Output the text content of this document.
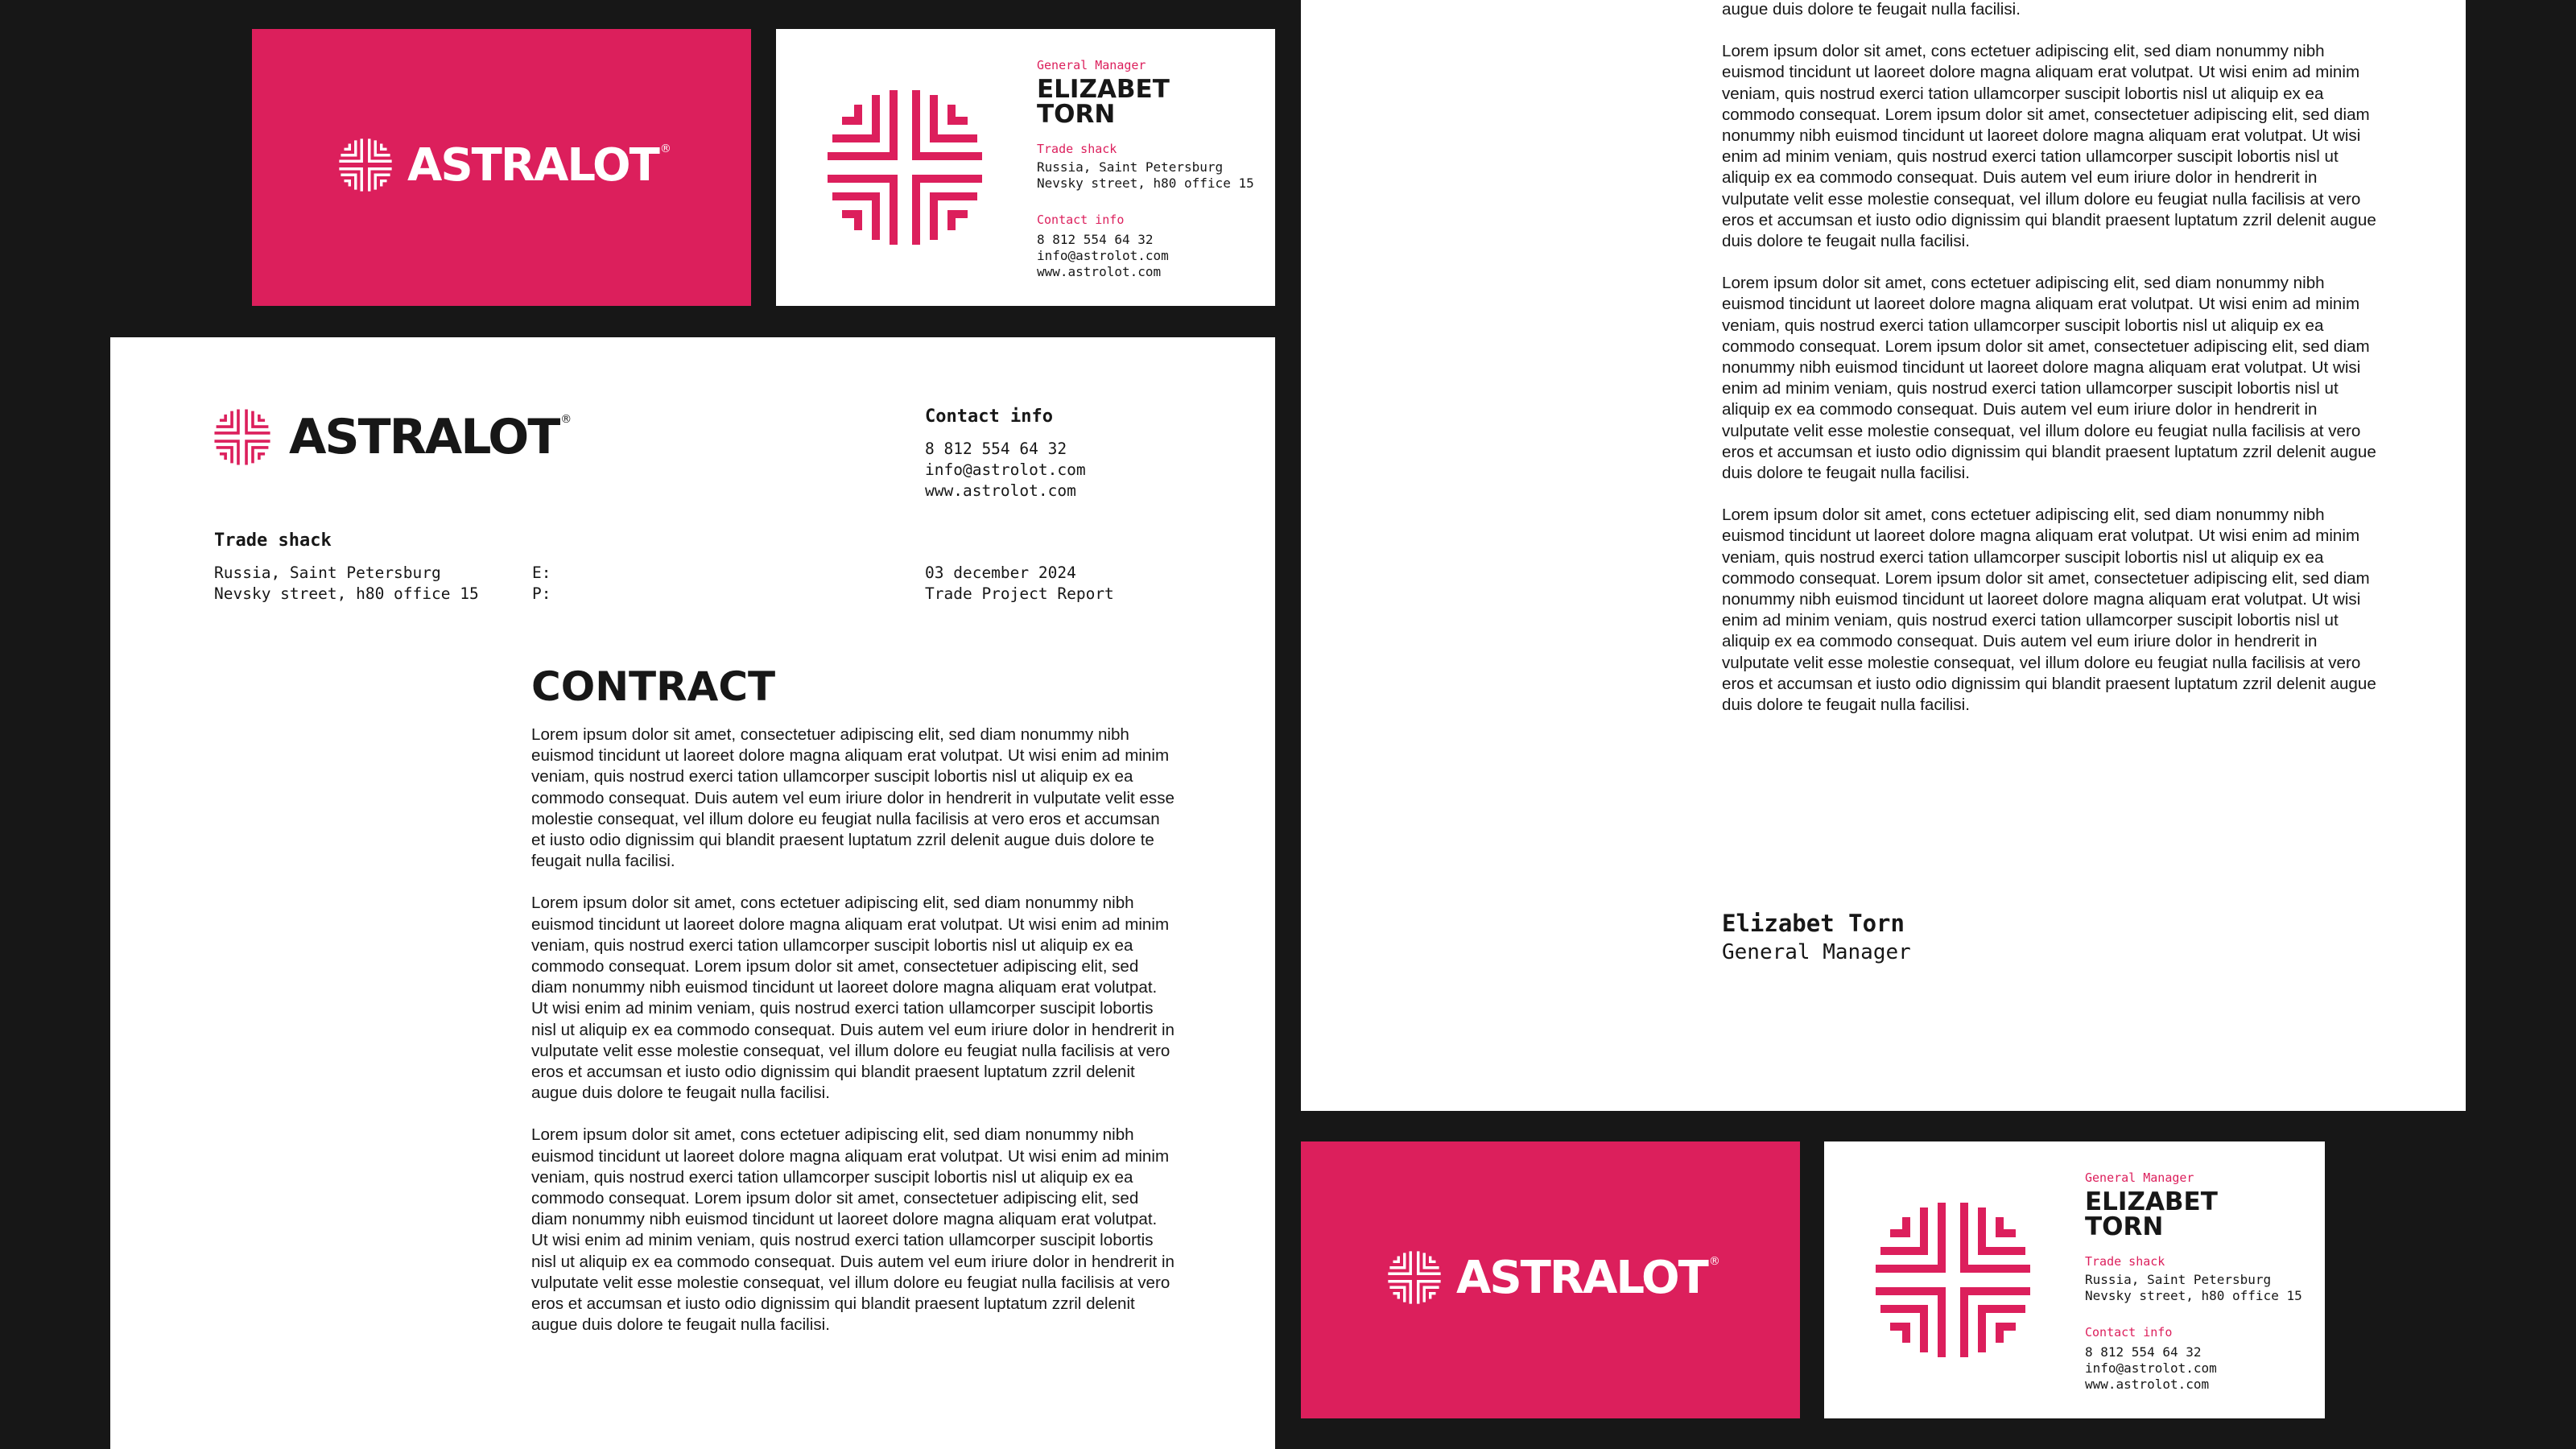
ASTRALOT ®
General Manager
ELIZABET
TORN
Trade shack
Russia, Saint Petersburg
Nevsky street, h80 office 15
Contact info
8 812 554 64 32
info@astrolot.com
www.astrolot.com
ASTRALOT ®	Contact info
8 812 554 64 32
info@astrolot.com
www.astrolot.com
Trade shack
Russia, Saint Petersburg
Nevsky street, h80 office 15
E:
P:
03 december 2024
Trade Project Report
CONTRACT

Lorem ipsum dolor sit amet, consectetuer adipiscing elit, sed diam nonummy nibh euismod tincidunt ut laoreet dolore magna aliquam erat volutpat. Ut wisi enim ad minim veniam, quis nostrud exerci tation ullamcorper suscipit lobortis nisl ut aliquip ex ea commodo consequat. Duis autem vel eum iriure dolor in hendrerit in vulputate velit esse molestie consequat, vel illum dolore eu feugiat nulla facilisis at vero eros et accumsan et iusto odio dignissim qui blandit praesent luptatum zzril delenit augue duis dolore te feugait nulla facilisi.

Lorem ipsum dolor sit amet, cons ectetuer adipiscing elit, sed diam nonummy nibh euismod tincidunt ut laoreet dolore magna aliquam erat volutpat. Ut wisi enim ad minim veniam, quis nostrud exerci tation ullamcorper suscipit lobortis nisl ut aliquip ex ea commodo consequat. Lorem ipsum dolor sit amet, consectetuer adipiscing elit, sed diam nonummy nibh euismod tincidunt ut laoreet dolore magna aliquam erat volutpat. Ut wisi enim ad minim veniam, quis nostrud exerci tation ullamcorper suscipit lobortis nisl ut aliquip ex ea commodo consequat. Duis autem vel eum iriure dolor in hendrerit in vulputate velit esse molestie consequat, vel illum dolore eu feugiat nulla facilisis at vero eros et accumsan et iusto odio dignissim qui blandit praesent luptatum zzril delenit augue duis dolore te feugait nulla facilisi.

Lorem ipsum dolor sit amet, cons ectetuer adipiscing elit, sed diam nonummy nibh euismod tincidunt ut laoreet dolore magna aliquam erat volutpat. Ut wisi enim ad minim veniam, quis nostrud exerci tation ullamcorper suscipit lobortis nisl ut aliquip ex ea commodo consequat. Lorem ipsum dolor sit amet, consectetuer adipiscing elit, sed diam nonummy nibh euismod tincidunt ut laoreet dolore magna aliquam erat volutpat. Ut wisi enim ad minim veniam, quis nostrud exerci tation ullamcorper suscipit lobortis nisl ut aliquip ex ea commodo consequat. Duis autem vel eum iriure dolor in hendrerit in vulputate velit esse molestie consequat, vel illum dolore eu feugiat nulla facilisis at vero eros et accumsan et iusto odio dignissim qui blandit praesent luptatum zzril delenit augue duis dolore te feugait nulla facilisi.

augue duis dolore te feugait nulla facilisi.

Lorem ipsum dolor sit amet, cons ectetuer adipiscing elit, sed diam nonummy nibh euismod tincidunt ut laoreet dolore magna aliquam erat volutpat. Ut wisi enim ad minim veniam, quis nostrud exerci tation ullamcorper suscipit lobortis nisl ut aliquip ex ea commodo consequat. Lorem ipsum dolor sit amet, consectetuer adipiscing elit, sed diam nonummy nibh euismod tincidunt ut laoreet dolore magna aliquam erat volutpat. Ut wisi enim ad minim veniam, quis nostrud exerci tation ullamcorper suscipit lobortis nisl ut aliquip ex ea commodo consequat. Duis autem vel eum iriure dolor in hendrerit in vulputate velit esse molestie consequat, vel illum dolore eu feugiat nulla facilisis at vero eros et accumsan et iusto odio dignissim qui blandit praesent luptatum zzril delenit augue duis dolore te feugait nulla facilisi.

Lorem ipsum dolor sit amet, cons ectetuer adipiscing elit, sed diam nonummy nibh euismod tincidunt ut laoreet dolore magna aliquam erat volutpat. Ut wisi enim ad minim veniam, quis nostrud exerci tation ullamcorper suscipit lobortis nisl ut aliquip ex ea commodo consequat. Lorem ipsum dolor sit amet, consectetuer adipiscing elit, sed diam nonummy nibh euismod tincidunt ut laoreet dolore magna aliquam erat volutpat. Ut wisi enim ad minim veniam, quis nostrud exerci tation ullamcorper suscipit lobortis nisl ut aliquip ex ea commodo consequat. Duis autem vel eum iriure dolor in hendrerit in vulputate velit esse molestie consequat, vel illum dolore eu feugiat nulla facilisis at vero eros et accumsan et iusto odio dignissim qui blandit praesent luptatum zzril delenit augue duis dolore te feugait nulla facilisi.

Lorem ipsum dolor sit amet, cons ectetuer adipiscing elit, sed diam nonummy nibh euismod tincidunt ut laoreet dolore magna aliquam erat volutpat. Ut wisi enim ad minim veniam, quis nostrud exerci tation ullamcorper suscipit lobortis nisl ut aliquip ex ea commodo consequat. Lorem ipsum dolor sit amet, consectetuer adipiscing elit, sed diam nonummy nibh euismod tincidunt ut laoreet dolore magna aliquam erat volutpat. Ut wisi enim ad minim veniam, quis nostrud exerci tation ullamcorper suscipit lobortis nisl ut aliquip ex ea commodo consequat. Duis autem vel eum iriure dolor in hendrerit in vulputate velit esse molestie consequat, vel illum dolore eu feugiat nulla facilisis at vero eros et accumsan et iusto odio dignissim qui blandit praesent luptatum zzril delenit augue duis dolore te feugait nulla facilisi.

Elizabet Torn
General Manager
ASTRALOT ®
General Manager
ELIZABET
TORN
Trade shack
Russia, Saint Petersburg
Nevsky street, h80 office 15
Contact info
8 812 554 64 32
info@astrolot.com
www.astrolot.com
